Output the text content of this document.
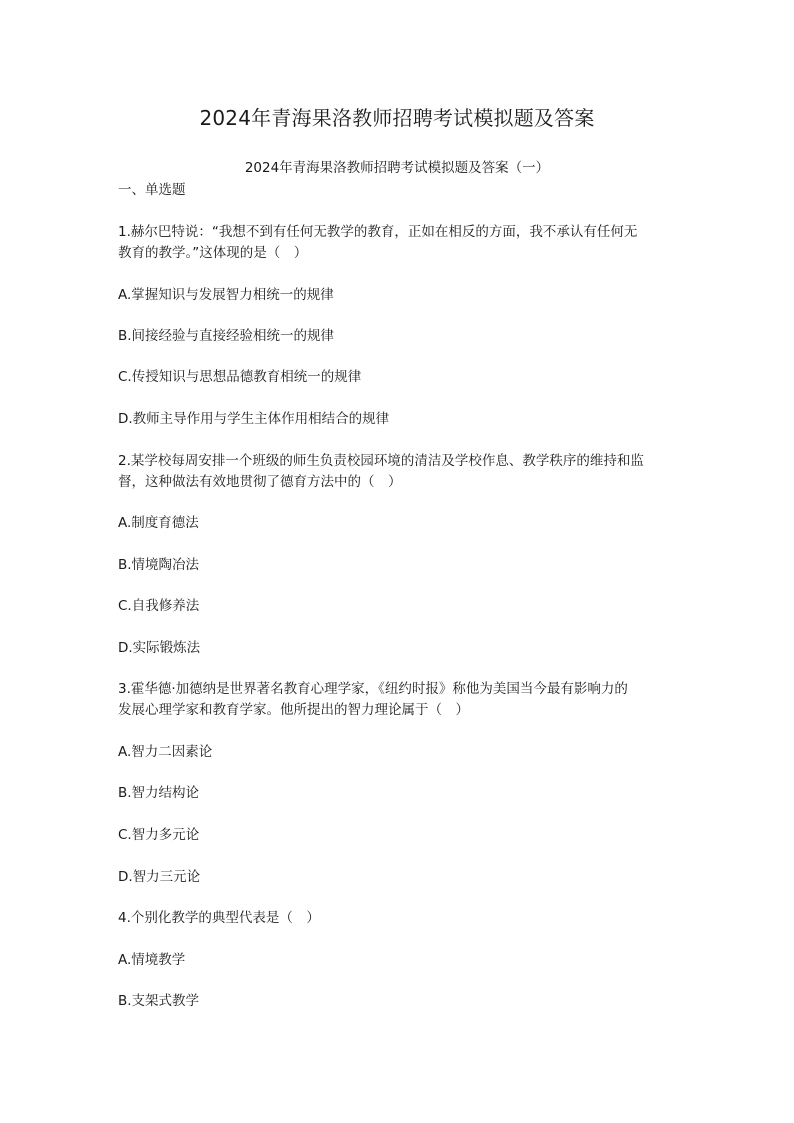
2024年青海果洛教师招聘考试模拟题及答案
2024年青海果洛教师招聘考试模拟题及答案（一）
一、单选题
1.赫尔巴特说：“我想不到有任何无教学的教育，正如在相反的方面，我不承认有任何无
教育的教学。”这体现的是（　）
A.掌握知识与发展智力相统一的规律
B.间接经验与直接经验相统一的规律
C.传授知识与思想品德教育相统一的规律
D.教师主导作用与学生主体作用相结合的规律
2.某学校每周安排一个班级的师生负责校园环境的清洁及学校作息、教学秩序的维持和监
督，这种做法有效地贯彻了德育方法中的（　）
A.制度育德法
B.情境陶冶法
C.自我修养法
D.实际锻炼法
3.霍华德·加德纳是世界著名教育心理学家，《纽约时报》称他为美国当今最有影响力的
发展心理学家和教育学家。他所提出的智力理论属于（　）
A.智力二因素论
B.智力结构论
C.智力多元论
D.智力三元论
4.个别化教学的典型代表是（　）
A.情境教学
B.支架式教学
